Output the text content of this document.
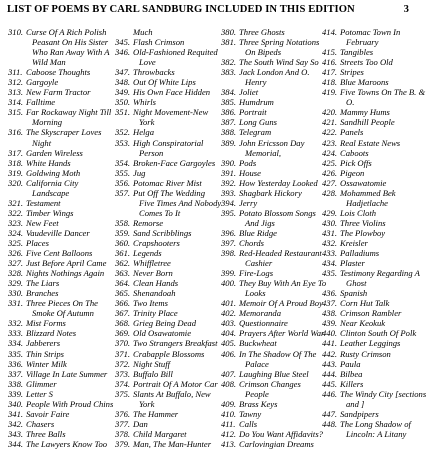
LIST OF POEMS BY CARL SANDBURG INCLUDED IN THIS EDITION	3
310. Curse Of A Rich Polish
Peasant On His Sister
Who Ran Away With A
Wild Man
311. Caboose Thoughts
312. Gargoyle
313. New Farm Tractor
314. Falltime
315. Far Rockaway Night Till
Morning
316. The Skyscraper Loves
Night
317. Garden Wireless
318. White Hands
319. Goldwing Moth
320. California City
Landscape
321. Testament
322. Timber Wings
323. New Feet
324. Vaudeville Dancer
325. Places
326. Five Cent Balloons
327. Just Before April Came
328. Nights Nothings Again
329. The Liars
330. Branches
331. Three Pieces On The
Smoke Of Autumn
332. Mist Forms
333. Blizzard Notes
334. Jabberers
335. Thin Strips
336. Winter Milk
337. Village In Late Summer
338. Glimmer
339. Letter S
340. People With Proud Chins
341. Savoir Faire
342. Chasers
343. Three Balls
344. The Lawyers Know Too
Much
345. Flash Crimson
346. Old-Fashioned Requited
Love
347. Throwbacks
348. Out Of White Lips
349. His Own Face Hidden
350. Whirls
351. Night Movement-New
York
352. Helga
353. High Conspiratorial
Person
354. Broken-Face Gargoyles
355. Jug
356. Potomac River Mist
357. Put Off The Wedding
Five Times And Nobody
Comes To It
358. Remorse
359. Sand Scribblings
360. Crapshooters
361. Legends
362. Whiffletree
363. Never Born
364. Clean Hands
365. Shenandoah
366. Two Items
367. Trinity Place
368. Grieg Being Dead
369. Old Osawatomie
370. Two Strangers Breakfast
371. Crabapple Blossoms
372. Night Stuff
373. Buffalo Bill
374. Portrait Of A Motor Car
375. Slants At Buffalo, New
York
376. The Hammer
377. Dan
378. Child Margaret
379. Man, The Man-Hunter
380. Three Ghosts
381. Three Spring Notations
On Bipeds
382. The South Wind Say So
383. Jack London And O.
Henry
384. Joliet
385. Humdrum
386. Portrait
387. Long Guns
388. Telegram
389. John Ericsson Day
Memorial,
390. Pods
391. House
392. How Yesterday Looked
393. Shagbark Hickory
394. Jerry
395. Potato Blossom Songs
And Jigs
396. Blue Ridge
397. Chords
398. Red-Headed Restaurant
Cashier
399. Fire-Logs
400. They Buy With An Eye To
Looks
401. Memoir Of A Proud Boy
402. Memoranda
403. Questionnaire
404. Prayers After World War
405. Buckwheat
406. In The Shadow Of The
Palace
407. Laughing Blue Steel
408. Crimson Changes
People
409. Brass Keys
410. Tawny
411. Calls
412. Do You Want Affidavits?
413. Carlovingian Dreams
414. Potomac Town In
February
415. Tangibles
416. Streets Too Old
417. Stripes
418. Blue Maroons
419. Five Towns On The B. &
O.
420. Mammy Hums
421. Sandhill People
422. Panels
423. Real Estate News
424. Caboots
425. Pick Offs
426. Pigeon
427. Ossawatomie
428. Mohammed Bek
Hadjetlache
429. Lois Cloth
430. Three Violins
431. The Plowboy
432. Kreisler
433. Palladiums
434. Plaster
435. Testimony Regarding A
Ghost
436. Spanish
437. Corn Hut Talk
438. Crimson Rambler
439. Near Keokuk
440. Clinton South Of Polk
441. Leather Leggings
442. Rusty Crimson
443. Paula
444. Bilbea
445. Killers
446. The Windy City [sections
and ]
447. Sandpipers
448. The Long Shadow of
Lincoln: A Litany
